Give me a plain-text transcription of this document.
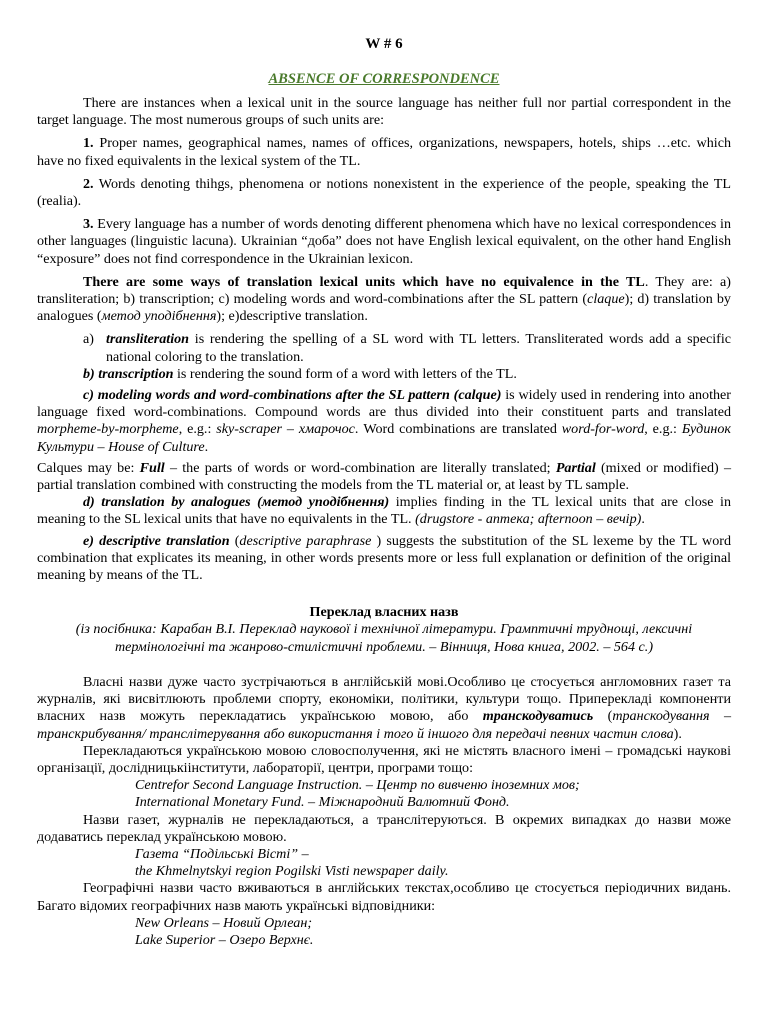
W # 6
ABSENCE OF CORRESPONDENCE

There are instances when a lexical unit in the source language has neither full nor partial correspondent in the target language. The most numerous groups of such units are:

1. Proper names, geographical names, names of offices, organizations, newspapers, hotels, ships …etc. which have no fixed equivalents in the lexical system of the TL.

2. Words denoting thihgs, phenomena or notions nonexistent in the experience of the people, speaking the TL (realia).

3. Every language has a number of words denoting different phenomena which have no lexical correspondences in other languages (linguistic lacuna). Ukrainian “доба” does not have English lexical equivalent, on the other hand English “exposure” does not find correspondence in the Ukrainian lexicon.

There are some ways of translation lexical units which have no equivalence in the TL. They are: a) transliteration; b) transcription; c) modeling words and word-combinations after the SL pattern (claque); d) translation by analogues (метод уподібнення); e)descriptive translation.

a) transliteration is rendering the spelling of a SL word with TL letters. Transliterated words add a specific national coloring to the translation.

b) transcription is rendering the sound form of a word with letters of the TL.

c) modeling words and word-combinations after the SL pattern (calque) is widely used in rendering into another language fixed word-combinations. Compound words are thus divided into their constituent parts and translated morpheme-by-morpheme, e.g.: sky-scraper – хмарочос. Word combinations are translated word-for-word, e.g.: Будинок Культури – House of Culture.

Calques may be: Full – the parts of words or word-combination are literally translated; Partial (mixed or modified) – partial translation combined with constructing the models from the TL material or, at least by TL sample.

d) translation by analogues (метод уподібнення) implies finding in the TL lexical units that are close in meaning to the SL lexical units that have no equivalents in the TL. (drugstore - аптека; afternoon – вечір).

e) descriptive translation (descriptive paraphrase ) suggests the substitution of the SL lexeme by the TL word combination that explicates its meaning, in other words presents more or less full explanation or definition of the original meaning by means of the TL.

Переклад власних назв

(із посібника: Карабан В.І. Переклад наукової і технічної літератури. Грамптичні труднощі, лексичні

термінологічні та жанрово-стилістичні проблеми. – Вінниця, Нова книга, 2002. – 564 с.)

Власні назви дуже часто зустрічаються в англійській мові.Особливо це стосується англомовних газет та журналів, які висвітлюють проблеми спорту, економіки, політики, культури тощо. Приперекладі компоненти власних назв можуть перекладатись українською мовою, або транскодуватись (транскодування – транскрибування/ транслітерування або використання і того й іншого для передачі певних частин слова).

Перекладаються українською мовою словосполучення, які не містять власного імені – громадські наукові організації, дослідницькіінститути, лабораторії, центри, програми тощо:

Centrefor Second Language Instruction. – Центр по вивченю іноземних мов;

International Monetary Fund. – Міжнародний Валютний Фонд.

Назви газет, журналів не перекладаються, а транслітеруються. В окремих випадках до назви може додаватись переклад українською мовою.

Газета “Подільські Вісті” –

the Khmelnytskyi region Pogilski Visti newspaper daily.

Географічні назви часто вживаються в англійських текстах,особливо це стосується періодичних видань. Багато відомих географічних назв мають українські відповідники:

New Orleans – Новий Орлеан;

Lake Superior – Озеро Верхнє.
